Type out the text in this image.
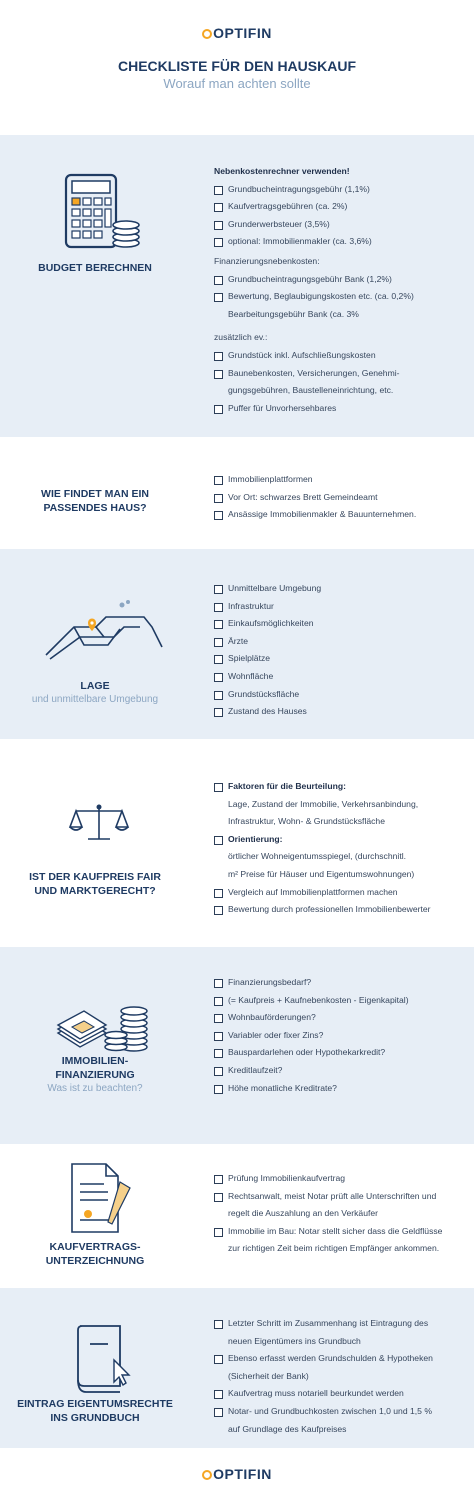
OPTIFIN
CHECKLISTE FÜR DEN HAUSKAUF
Worauf man achten sollte
BUDGET BERECHNEN
Nebenkostenrechner verwenden!
Grundbucheintragungsgebühr (1,1%)
Kaufvertragsgebühren (ca. 2%)
Grunderwerbsteuer (3,5%)
optional: Immobilienmakler (ca. 3,6%)
Finanzierungsnebenkosten:
Grundbucheintragungsgebühr Bank (1,2%)
Bewertung, Beglaubigungskosten etc. (ca. 0,2%)
Bearbeitungsgebühr Bank (ca. 3%
zusätzlich ev.:
Grundstück inkl. Aufschließungskosten
Baunebenkosten, Versicherungen, Genehmi-
gungsgebühren, Baustelleneinrichtung, etc.
Puffer für Unvorhersehbares
WIE FINDET MAN EIN
PASSENDES HAUS?
Immobilienplattformen
Vor Ort: schwarzes Brett Gemeindeamt
Ansässige Immobilienmakler & Bauunternehmen.
LAGE
und unmittelbare Umgebung
Unmittelbare Umgebung
Infrastruktur
Einkaufsmöglichkeiten
Ärzte
Spielplätze
Wohnfläche
Grundstücksfläche
Zustand des Hauses
IST DER KAUFPREIS FAIR
UND MARKTGERECHT?
Faktoren für die Beurteilung:
Lage, Zustand der Immobilie, Verkehrsanbindung,
Infrastruktur, Wohn- & Grundstücksfläche
Orientierung:
örtlicher Wohneigentumsspiegel, (durchschnitl.
m² Preise für Häuser und Eigentumswohnungen)
Vergleich auf Immobilienplattformen machen
Bewertung durch professionellen Immobilienbewerter
IMMOBILIEN-
FINANZIERUNG
Was ist zu beachten?
Finanzierungsbedarf?
(= Kaufpreis + Kaufnebenkosten - Eigenkapital)
Wohnbauförderungen?
Variabler oder fixer Zins?
Bauspardarlehen oder Hypothekarkredit?
Kreditlaufzeit?
Höhe monatliche Kreditrate?
KAUFVERTRAGS-
UNTERZEICHNUNG
Prüfung Immobilienkaufvertrag
Rechtsanwalt, meist Notar prüft alle Unterschriften und
regelt die Auszahlung an den Verkäufer
Immobilie im Bau: Notar stellt sicher dass die Geldflüsse
zur richtigen Zeit beim richtigen Empfänger ankommen.
EINTRAG EIGENTUMSRECHTE
INS GRUNDBUCH
Letzter Schritt im Zusammenhang ist Eintragung des
neuen Eigentümers ins Grundbuch
Ebenso erfasst werden Grundschulden & Hypotheken
(Sicherheit der Bank)
Kaufvertrag muss notariell beurkundet werden
Notar- und Grundbuchkosten zwischen 1,0 und 1,5 %
auf Grundlage des Kaufpreises
OPTIFIN
